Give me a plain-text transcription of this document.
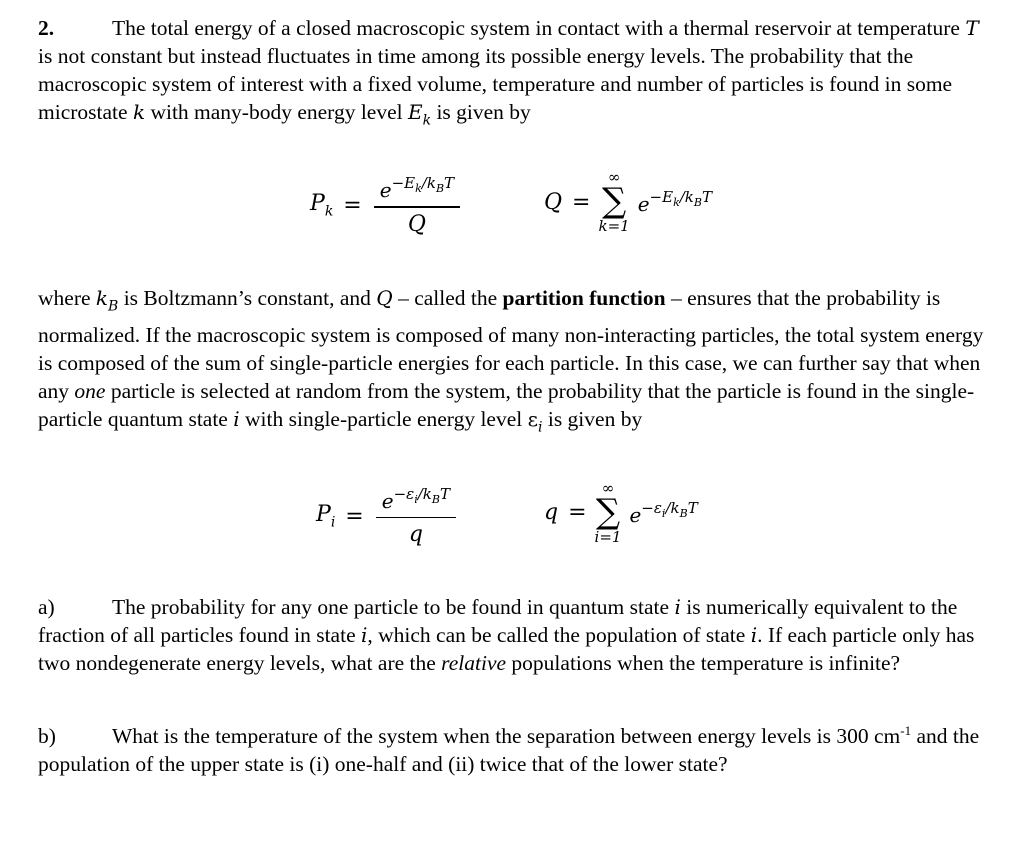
2.	The total energy of a closed macroscopic system in contact with a thermal reservoir at temperature T is not constant but instead fluctuates in time among its possible energy levels. The probability that the macroscopic system of interest with a fixed volume, temperature and number of particles is found in some microstate k with many-body energy level $E_k$ is given by

$P_k = \frac{e^{-E_k/k_BT}}{Q}$	Q =
∞
∑
k=1
$e^{-E_k/k_BT}$

where $k_B$ is Boltzmann’s constant, and Q – called the partition function – ensures that the probability is normalized. If the macroscopic system is composed of many non-interacting particles, the total system energy is composed of the sum of single-particle energies for each particle. In this case, we can further say that when any one particle is selected at random from the system, the probability that the particle is found in the single-particle quantum state i with single-particle energy level $\varepsilon_i$ is given by

$P_i = \frac{e^{-\varepsilon_i/k_BT}}{q}$	q =
∞
∑
i=1
$e^{-\varepsilon_i/k_BT}$

a)	The probability for any one particle to be found in quantum state i is numerically equivalent to the fraction of all particles found in state i, which can be called the population of state i. If each particle only has two nondegenerate energy levels, what are the relative populations when the temperature is infinite?

b)	What is the temperature of the system when the separation between energy levels is 300 $cm^{-1}$ and the population of the upper state is (i) one-half and (ii) twice that of the lower state?
